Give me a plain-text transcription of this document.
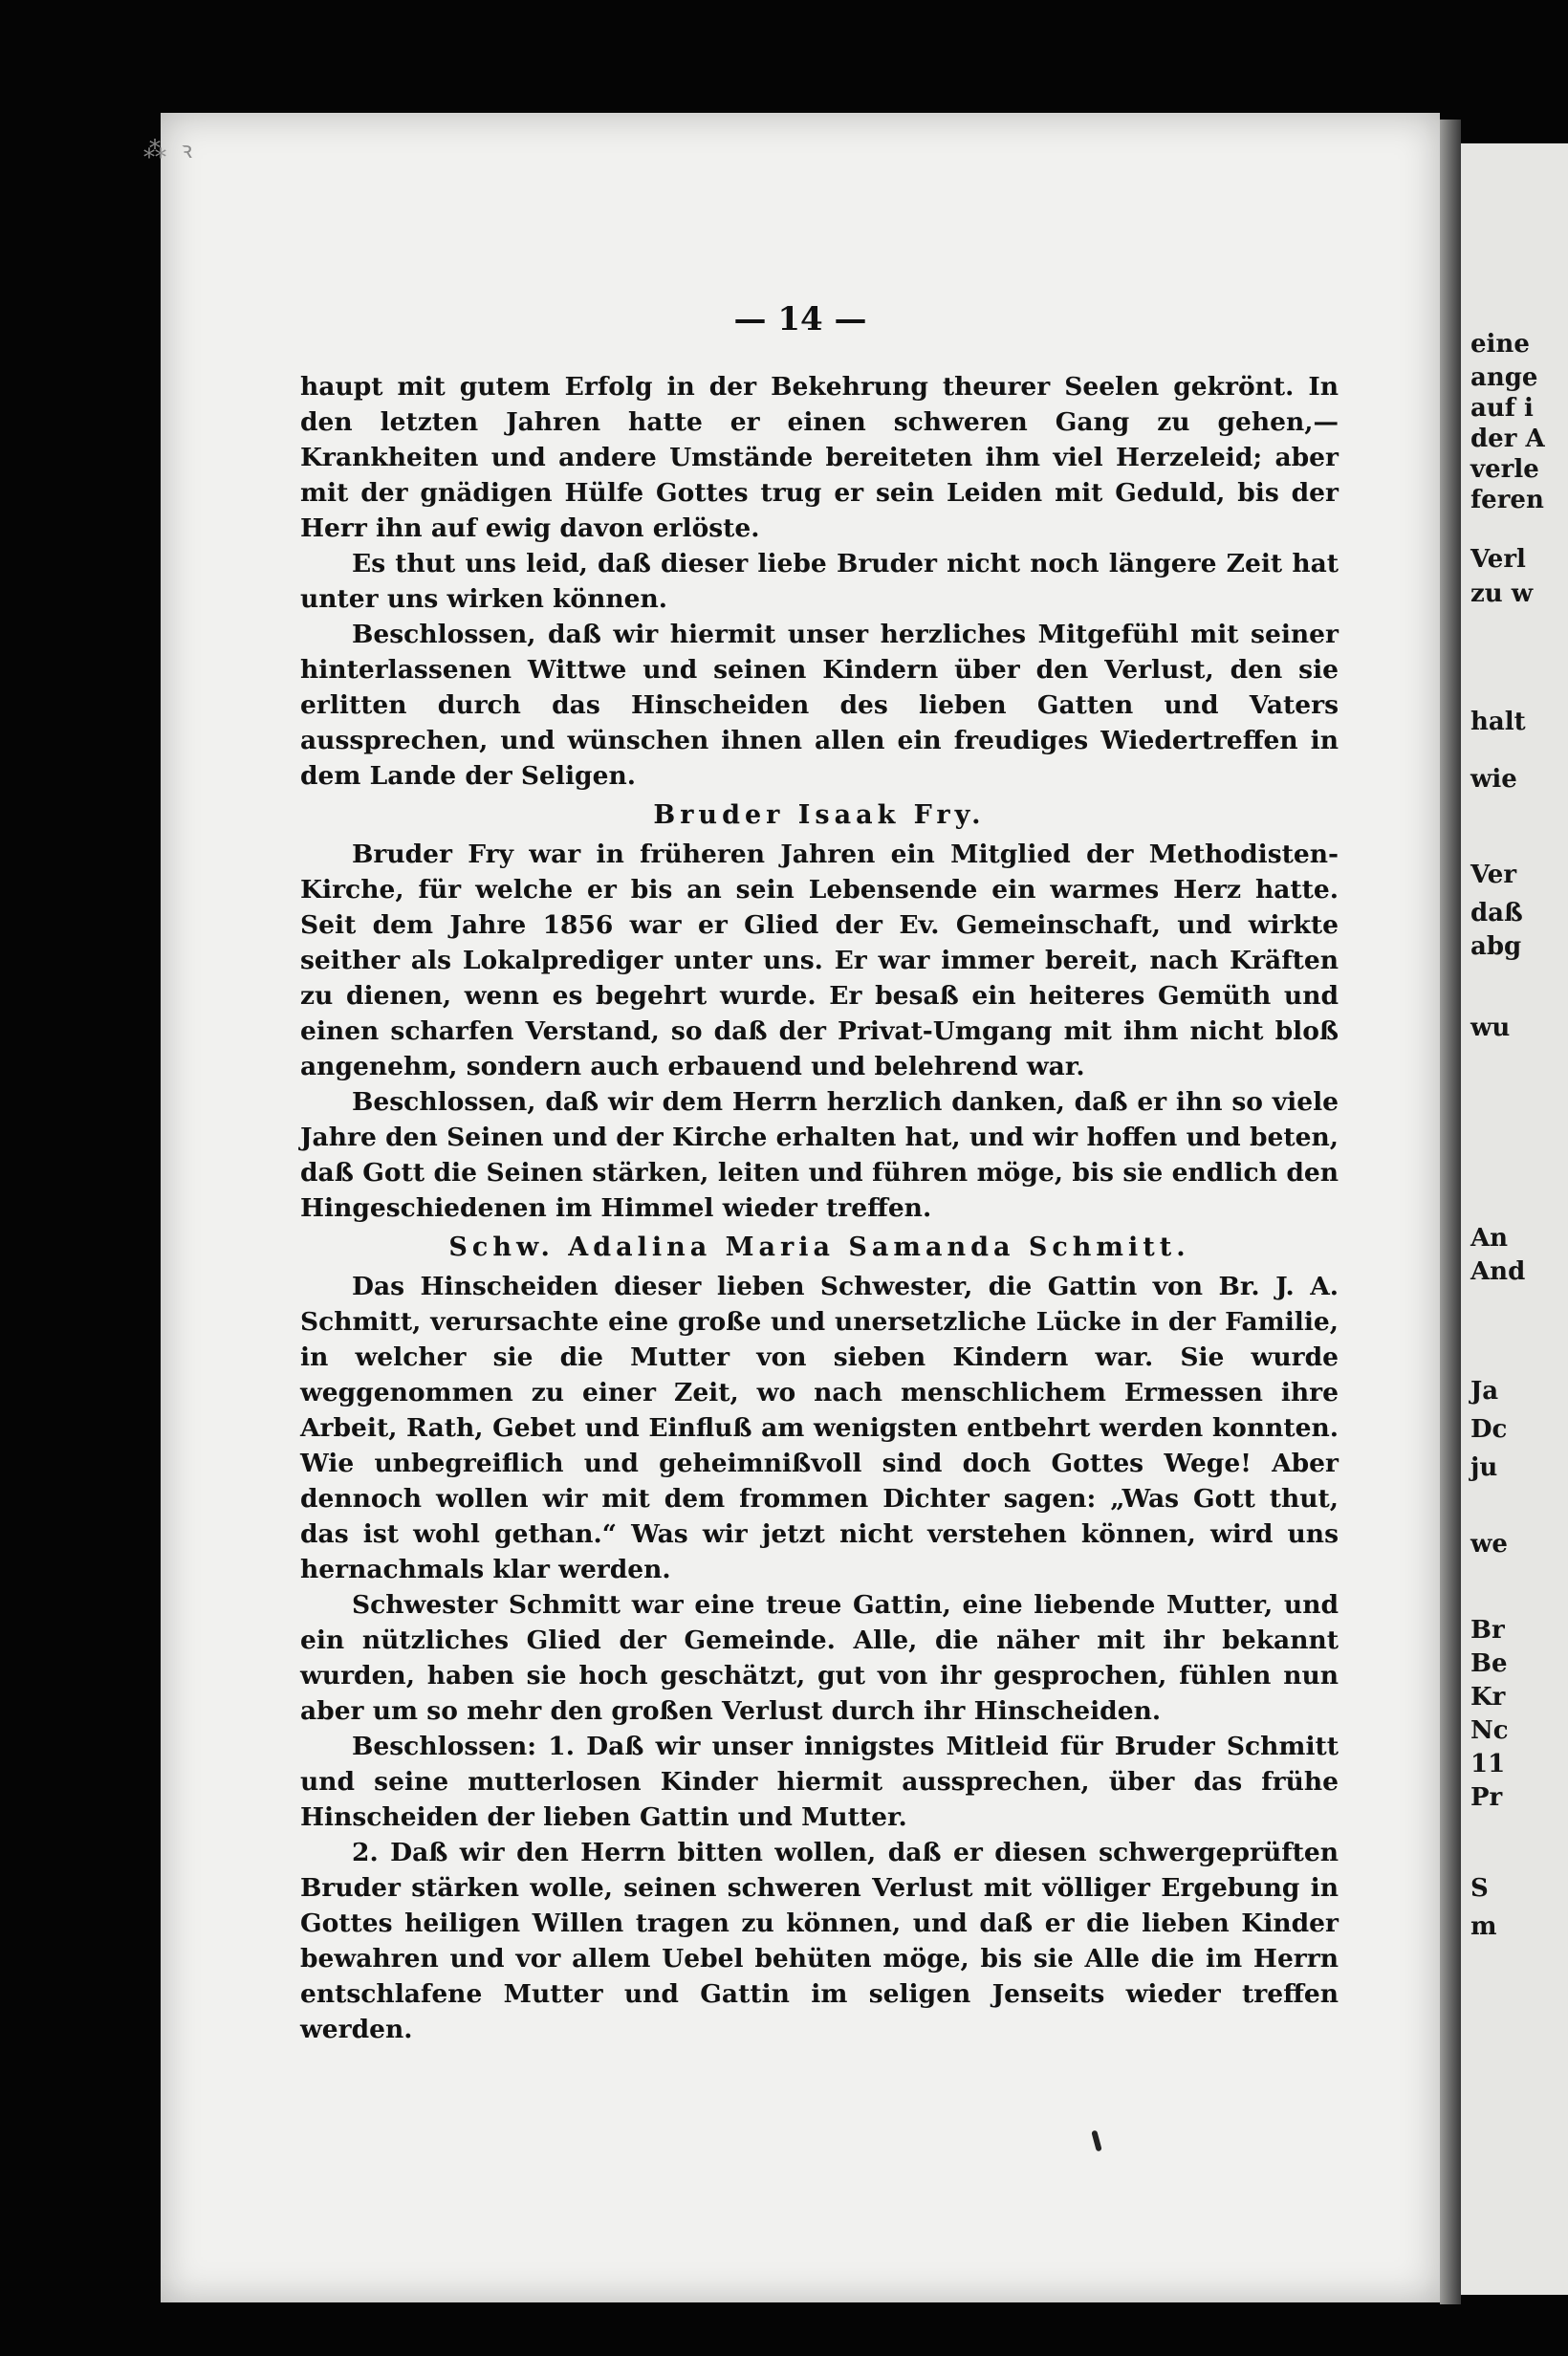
— 14 —

haupt mit gutem Erfolg in der Bekehrung theurer Seelen gekrönt. In den letzten Jahren hatte er einen schweren Gang zu gehen,—Krankheiten und andere Umstände bereiteten ihm viel Herzeleid; aber mit der gnädigen Hülfe Gottes trug er sein Leiden mit Geduld, bis der Herr ihn auf ewig davon erlöste.

Es thut uns leid, daß dieser liebe Bruder nicht noch längere Zeit hat unter uns wirken können.

Beschlossen, daß wir hiermit unser herzliches Mitgefühl mit seiner hinterlassenen Wittwe und seinen Kindern über den Verlust, den sie erlitten durch das Hinscheiden des lieben Gatten und Vaters aussprechen, und wünschen ihnen allen ein freudiges Wiedertreffen in dem Lande der Seligen.

Bruder Isaak Fry.

Bruder Fry war in früheren Jahren ein Mitglied der Methodisten-Kirche, für welche er bis an sein Lebensende ein warmes Herz hatte. Seit dem Jahre 1856 war er Glied der Ev. Gemeinschaft, und wirkte seither als Lokalprediger unter uns. Er war immer bereit, nach Kräften zu dienen, wenn es begehrt wurde. Er besaß ein heiteres Gemüth und einen scharfen Verstand, so daß der Privat-Umgang mit ihm nicht bloß angenehm, sondern auch erbauend und belehrend war.

Beschlossen, daß wir dem Herrn herzlich danken, daß er ihn so viele Jahre den Seinen und der Kirche erhalten hat, und wir hoffen und beten, daß Gott die Seinen stärken, leiten und führen möge, bis sie endlich den Hingeschiedenen im Himmel wieder treffen.

Schw. Adalina Maria Samanda Schmitt.

Das Hinscheiden dieser lieben Schwester, die Gattin von Br. J. A. Schmitt, verursachte eine große und unersetzliche Lücke in der Familie, in welcher sie die Mutter von sieben Kindern war. Sie wurde weggenommen zu einer Zeit, wo nach menschlichem Ermessen ihre Arbeit, Rath, Gebet und Einfluß am wenigsten entbehrt werden konnten. Wie unbegreiflich und geheimnißvoll sind doch Gottes Wege! Aber dennoch wollen wir mit dem frommen Dichter sagen: „Was Gott thut, das ist wohl gethan.“ Was wir jetzt nicht verstehen können, wird uns hernachmals klar werden.

Schwester Schmitt war eine treue Gattin, eine liebende Mutter, und ein nützliches Glied der Gemeinde. Alle, die näher mit ihr bekannt wurden, haben sie hoch geschätzt, gut von ihr gesprochen, fühlen nun aber um so mehr den großen Verlust durch ihr Hinscheiden.

Beschlossen: 1. Daß wir unser innigstes Mitleid für Bruder Schmitt und seine mutterlosen Kinder hiermit aussprechen, über das frühe Hinscheiden der lieben Gattin und Mutter.

2. Daß wir den Herrn bitten wollen, daß er diesen schwergeprüften Bruder stärken wolle, seinen schweren Verlust mit völliger Ergebung in Gottes heiligen Willen tragen zu können, und daß er die lieben Kinder bewahren und vor allem Uebel behüten möge, bis sie Alle die im Herrn entschlafene Mutter und Gattin im seligen Jenseits wieder treffen werden.

⁂ ꝛ
eine
ange
auf i
der A
verle
feren
Verl
zu w
halt
wie
Ver
daß
abg
wu
An
And
Ja
Dc
ju
we
Br
Be
Kr
Nc
11
Pr
S
m
